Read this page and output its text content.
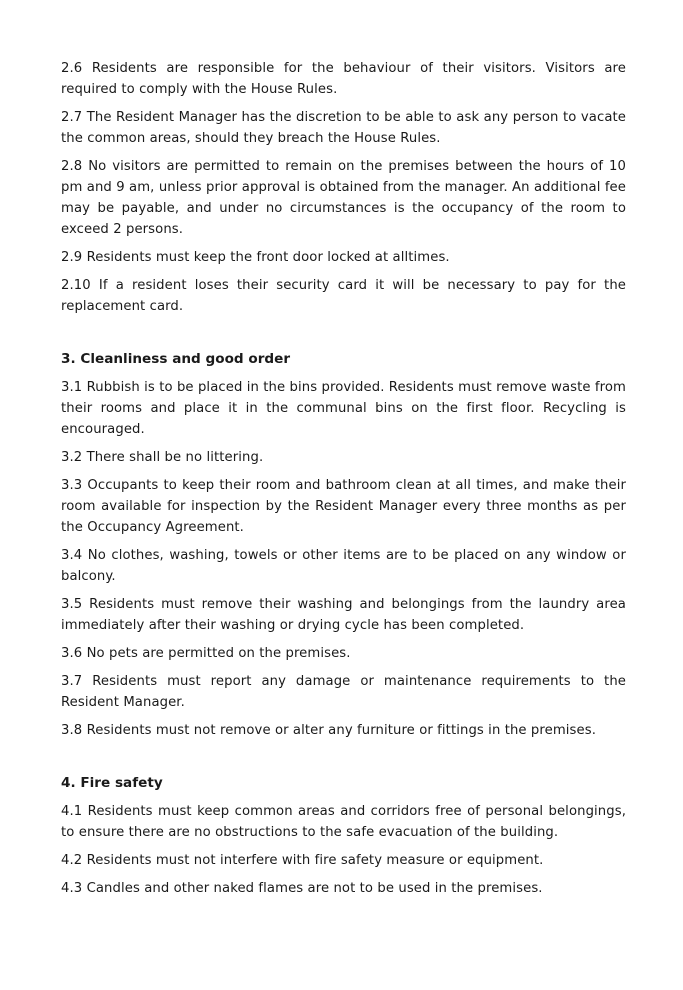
2.6 Residents are responsible for the behaviour of their visitors. Visitors are required to comply with the House Rules.

2.7 The Resident Manager has the discretion to be able to ask any person to vacate the common areas, should they breach the House Rules.

2.8 No visitors are permitted to remain on the premises between the hours of 10 pm and 9 am, unless prior approval is obtained from the manager. An additional fee may be payable, and under no circumstances is the occupancy of the room to exceed 2 persons.

2.9 Residents must keep the front door locked at alltimes.

2.10 If a resident loses their security card it will be necessary to pay for the replacement card.

3. Cleanliness and good order

3.1 Rubbish is to be placed in the bins provided. Residents must remove waste from their rooms and place it in the communal bins on the first floor. Recycling is encouraged.

3.2 There shall be no littering.

3.3 Occupants to keep their room and bathroom clean at all times, and make their room available for inspection by the Resident Manager every three months as per the Occupancy Agreement.

3.4 No clothes, washing, towels or other items are to be placed on any window or balcony.

3.5 Residents must remove their washing and belongings from the laundry area immediately after their washing or drying cycle has been completed.

3.6 No pets are permitted on the premises.

3.7 Residents must report any damage or maintenance requirements to the Resident Manager.

3.8 Residents must not remove or alter any furniture or fittings in the premises.

4. Fire safety

4.1 Residents must keep common areas and corridors free of personal belongings, to ensure there are no obstructions to the safe evacuation of the building.

4.2 Residents must not interfere with fire safety measure or equipment.

4.3 Candles and other naked flames are not to be used in the premises.
